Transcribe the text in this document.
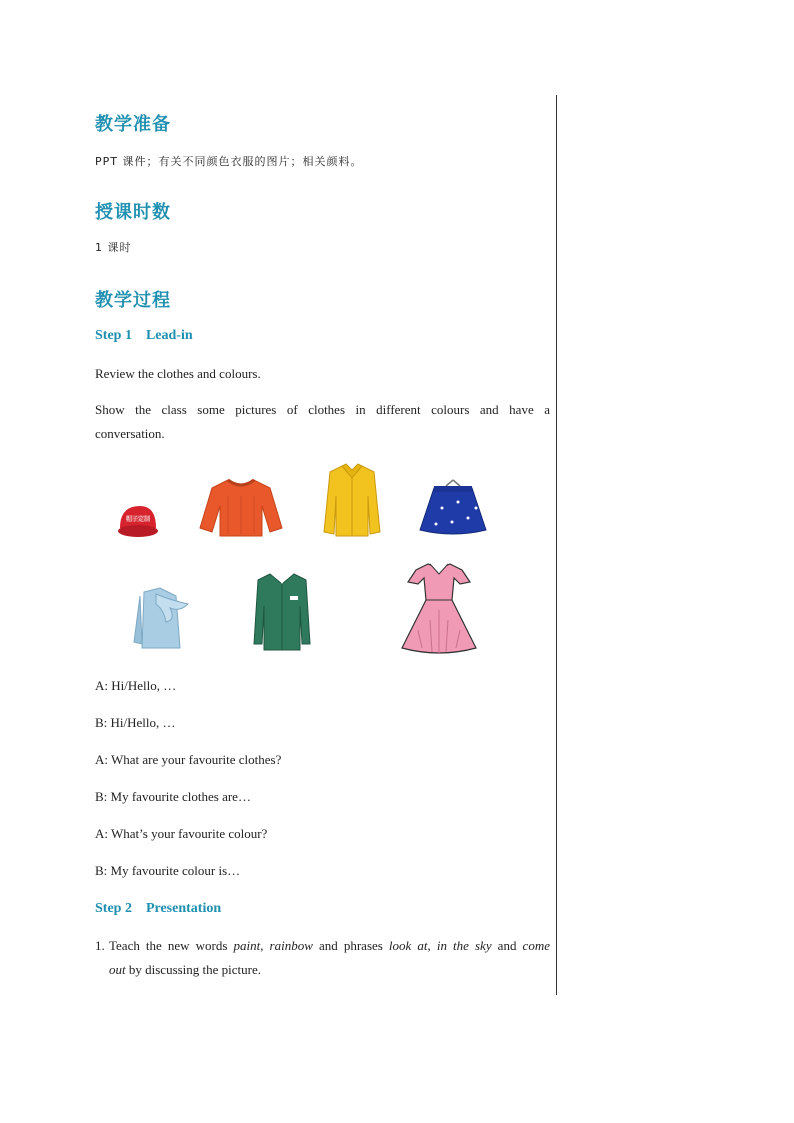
教学准备
PPT 课件；有关不同颜色衣服的图片；相关颜料。
授课时数
1 课时
教学过程
Step 1 Lead-in
Review the clothes and colours.
Show the class some pictures of clothes in different colours and have a
conversation.
帽子定制
A: Hi/Hello, …
B: Hi/Hello, …
A: What are your favourite clothes?
B: My favourite clothes are…
A: What’s your favourite colour?
B: My favourite colour is…
Step 2 Presentation
1. Teach the new words paint, rainbow and phrases look at, in the sky and come
out by discussing the picture.
